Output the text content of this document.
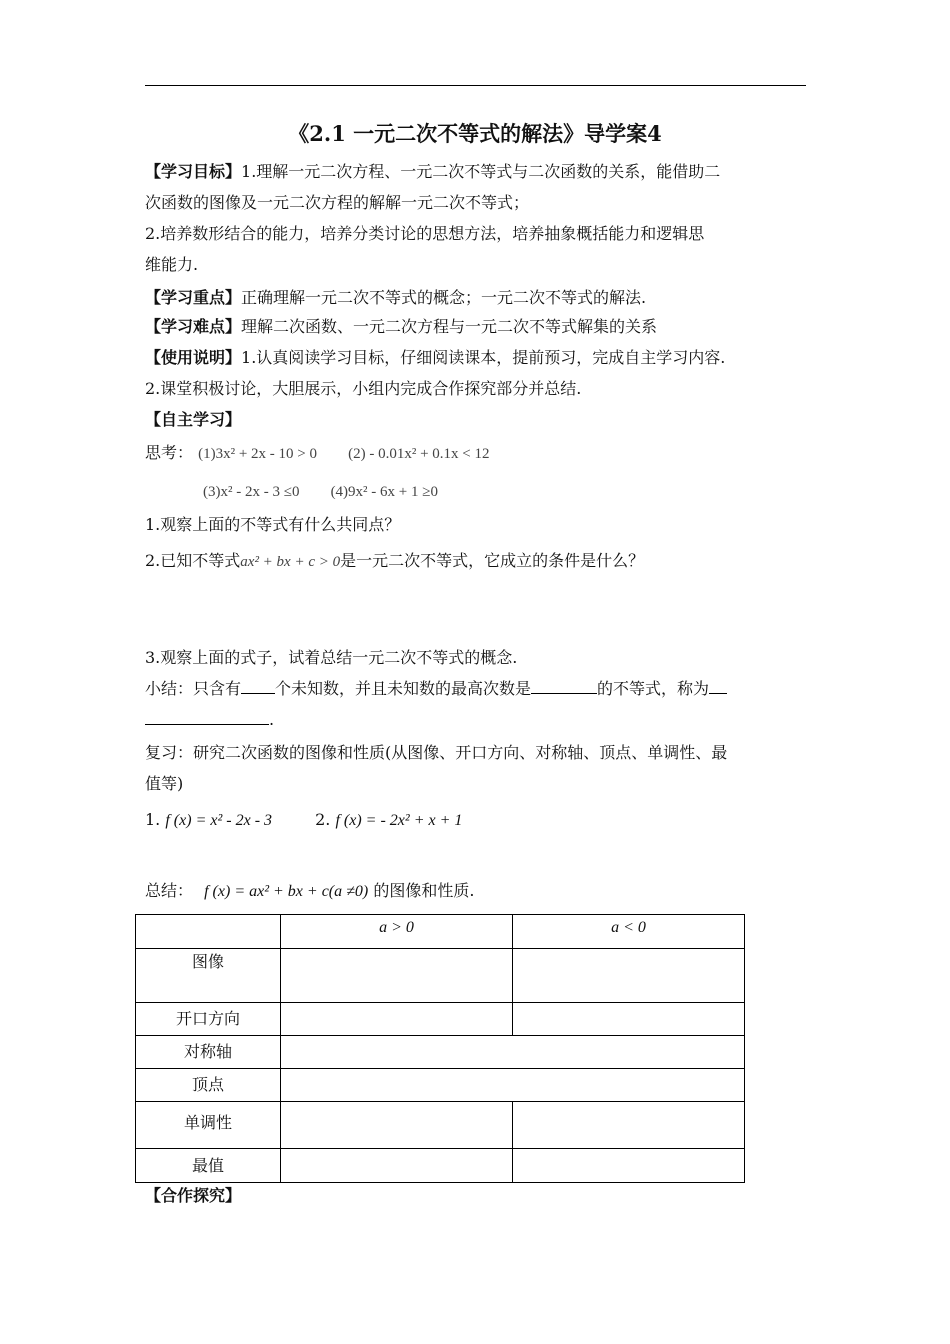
《2.1 一元二次不等式的解法》导学案4
【学习目标】1.理解一元二次方程、一元二次不等式与二次函数的关系，能借助二
次函数的图像及一元二次方程的解解一元二次不等式；
2.培养数形结合的能力，培养分类讨论的思想方法，培养抽象概括能力和逻辑思
维能力.
【学习重点】正确理解一元二次不等式的概念；一元二次不等式的解法.
【学习难点】理解二次函数、一元二次方程与一元二次不等式解集的关系
【使用说明】1.认真阅读学习目标，仔细阅读课本，提前预习，完成自主学习内容.
2.课堂积极讨论，大胆展示，小组内完成合作探究部分并总结.
【自主学习】
思考： (1)3x² + 2x - 10 > 0 (2) - 0.01x² + 0.1x < 12
(3)x² - 2x - 3 ≤0 (4)9x² - 6x + 1 ≥0
1.观察上面的不等式有什么共同点？
2.已知不等式ax² + bx + c > 0是一元二次不等式，它成立的条件是什么？
3.观察上面的式子，试着总结一元二次不等式的概念.
小结：只含有 个未知数，并且未知数的最高次数是	的不等式，称为
.
复习：研究二次函数的图像和性质(从图像、开口方向、对称轴、顶点、单调性、最
值等)
1. f (x) = x² - 2x - 3	2. f (x) = - 2x² + x + 1
总结： f (x) = ax² + bx + c(a ≠0) 的图像和性质.
	a > 0	a < 0
图像		
开口方向		
对称轴		
顶点		
单调性		
最值		
【合作探究】
